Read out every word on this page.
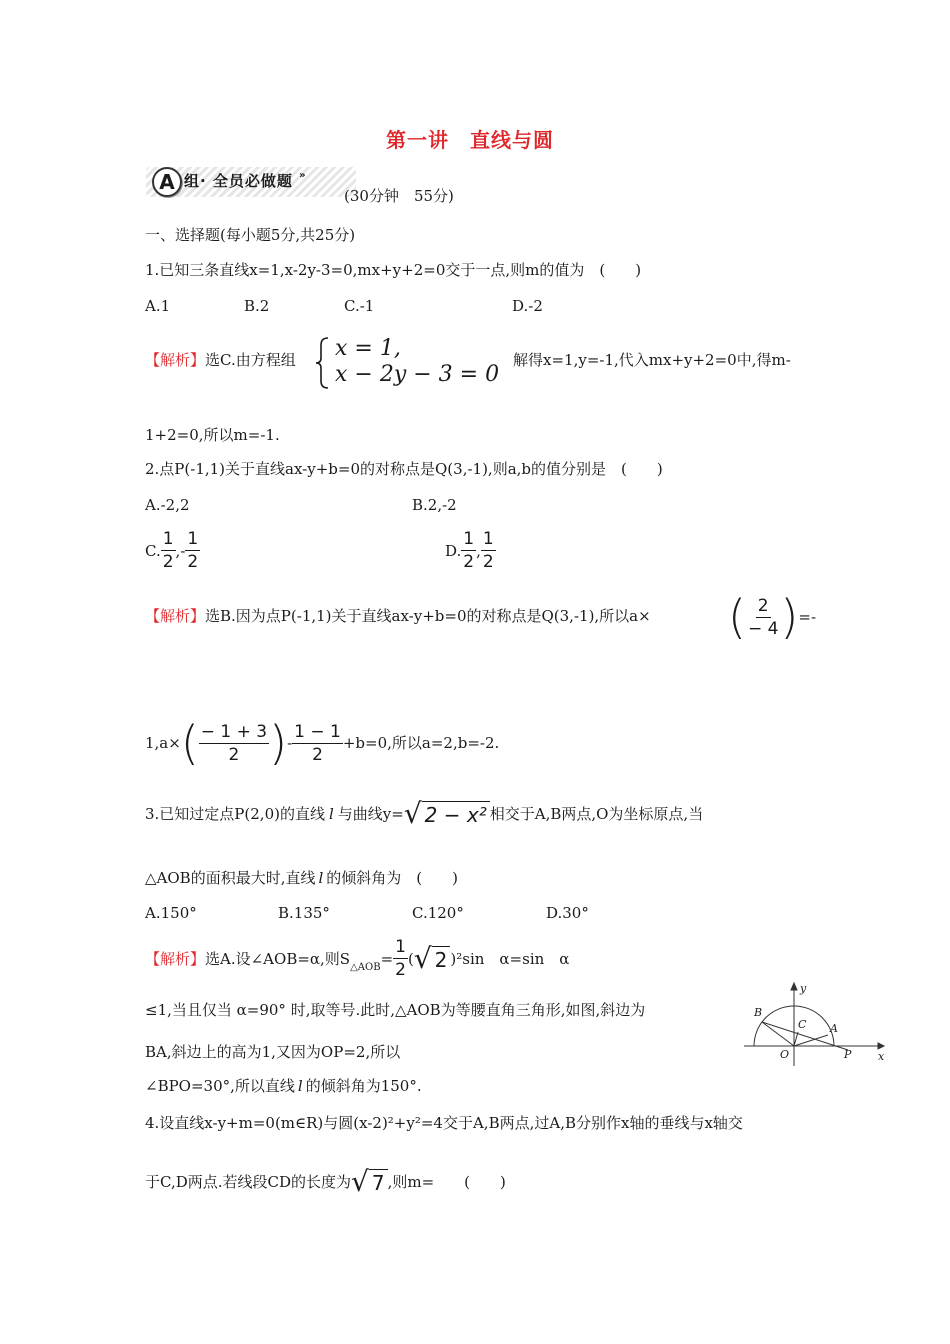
第一讲　直线与圆
A 组· 全员必做题 »
(30分钟　55分)
一、选择题(每小题5分,共25分)
1.已知三条直线x=1,x-2y-3=0,mx+y+2=0交于一点,则m的值为　(　　)
A.1	B.2	C.-1	D.-2
【解析】选C.由方程组 x = 1,
x − 2y − 3 = 0
解得x=1,y=-1,代入mx+y+2=0中,得m-
1+2=0,所以m=-1.
2.点P(-1,1)关于直线ax-y+b=0的对称点是Q(3,-1),则a,b的值分别是　(　　)
A.-2,2	B.2,-2
C. $\frac{1}{2}$ ,- $\frac{1}{2}$	D. $\frac{1}{2}$ , $\frac{1}{2}$
【解析】选B.因为点P(-1,1)关于直线ax-y+b=0的对称点是Q(3,-1),所以a× ( $\frac{2}{- 4}$ ) =-
1,a× ( $\frac{- 1 + 3}{2}$ ) - $\frac{1 - 1}{2} +b=0$,所以a=2,b=-2.
3.已知过定点P(2,0)的直线 l 与曲线y= √ 2 − x² 相交于A,B两点,O为坐标原点,当
△AOB的面积最大时,直线 l 的倾斜角为　(　　)
A.150°	B.135°	C.120°	D.30°
【解析】 选A.设∠AOB=α,则S △AOB = $\frac{1}{2}$ ( √ 2 )²sin　α=sin　α
≤1,当且仅当 α=90° 时,取等号.此时,△AOB为等腰直角三角形,如图,斜边为
BA,斜边上的高为1,又因为OP=2,所以
∠BPO=30°,所以直线 l 的倾斜角为150°.
B
y
C A
O	P x
4.设直线x-y+m=0(m∈R)与圆(x-2)²+y²=4交于A,B两点,过A,B分别作x轴的垂线与x轴交
于C,D两点.若线段CD的长度为 √ 7 ,则m=　　(　　)
